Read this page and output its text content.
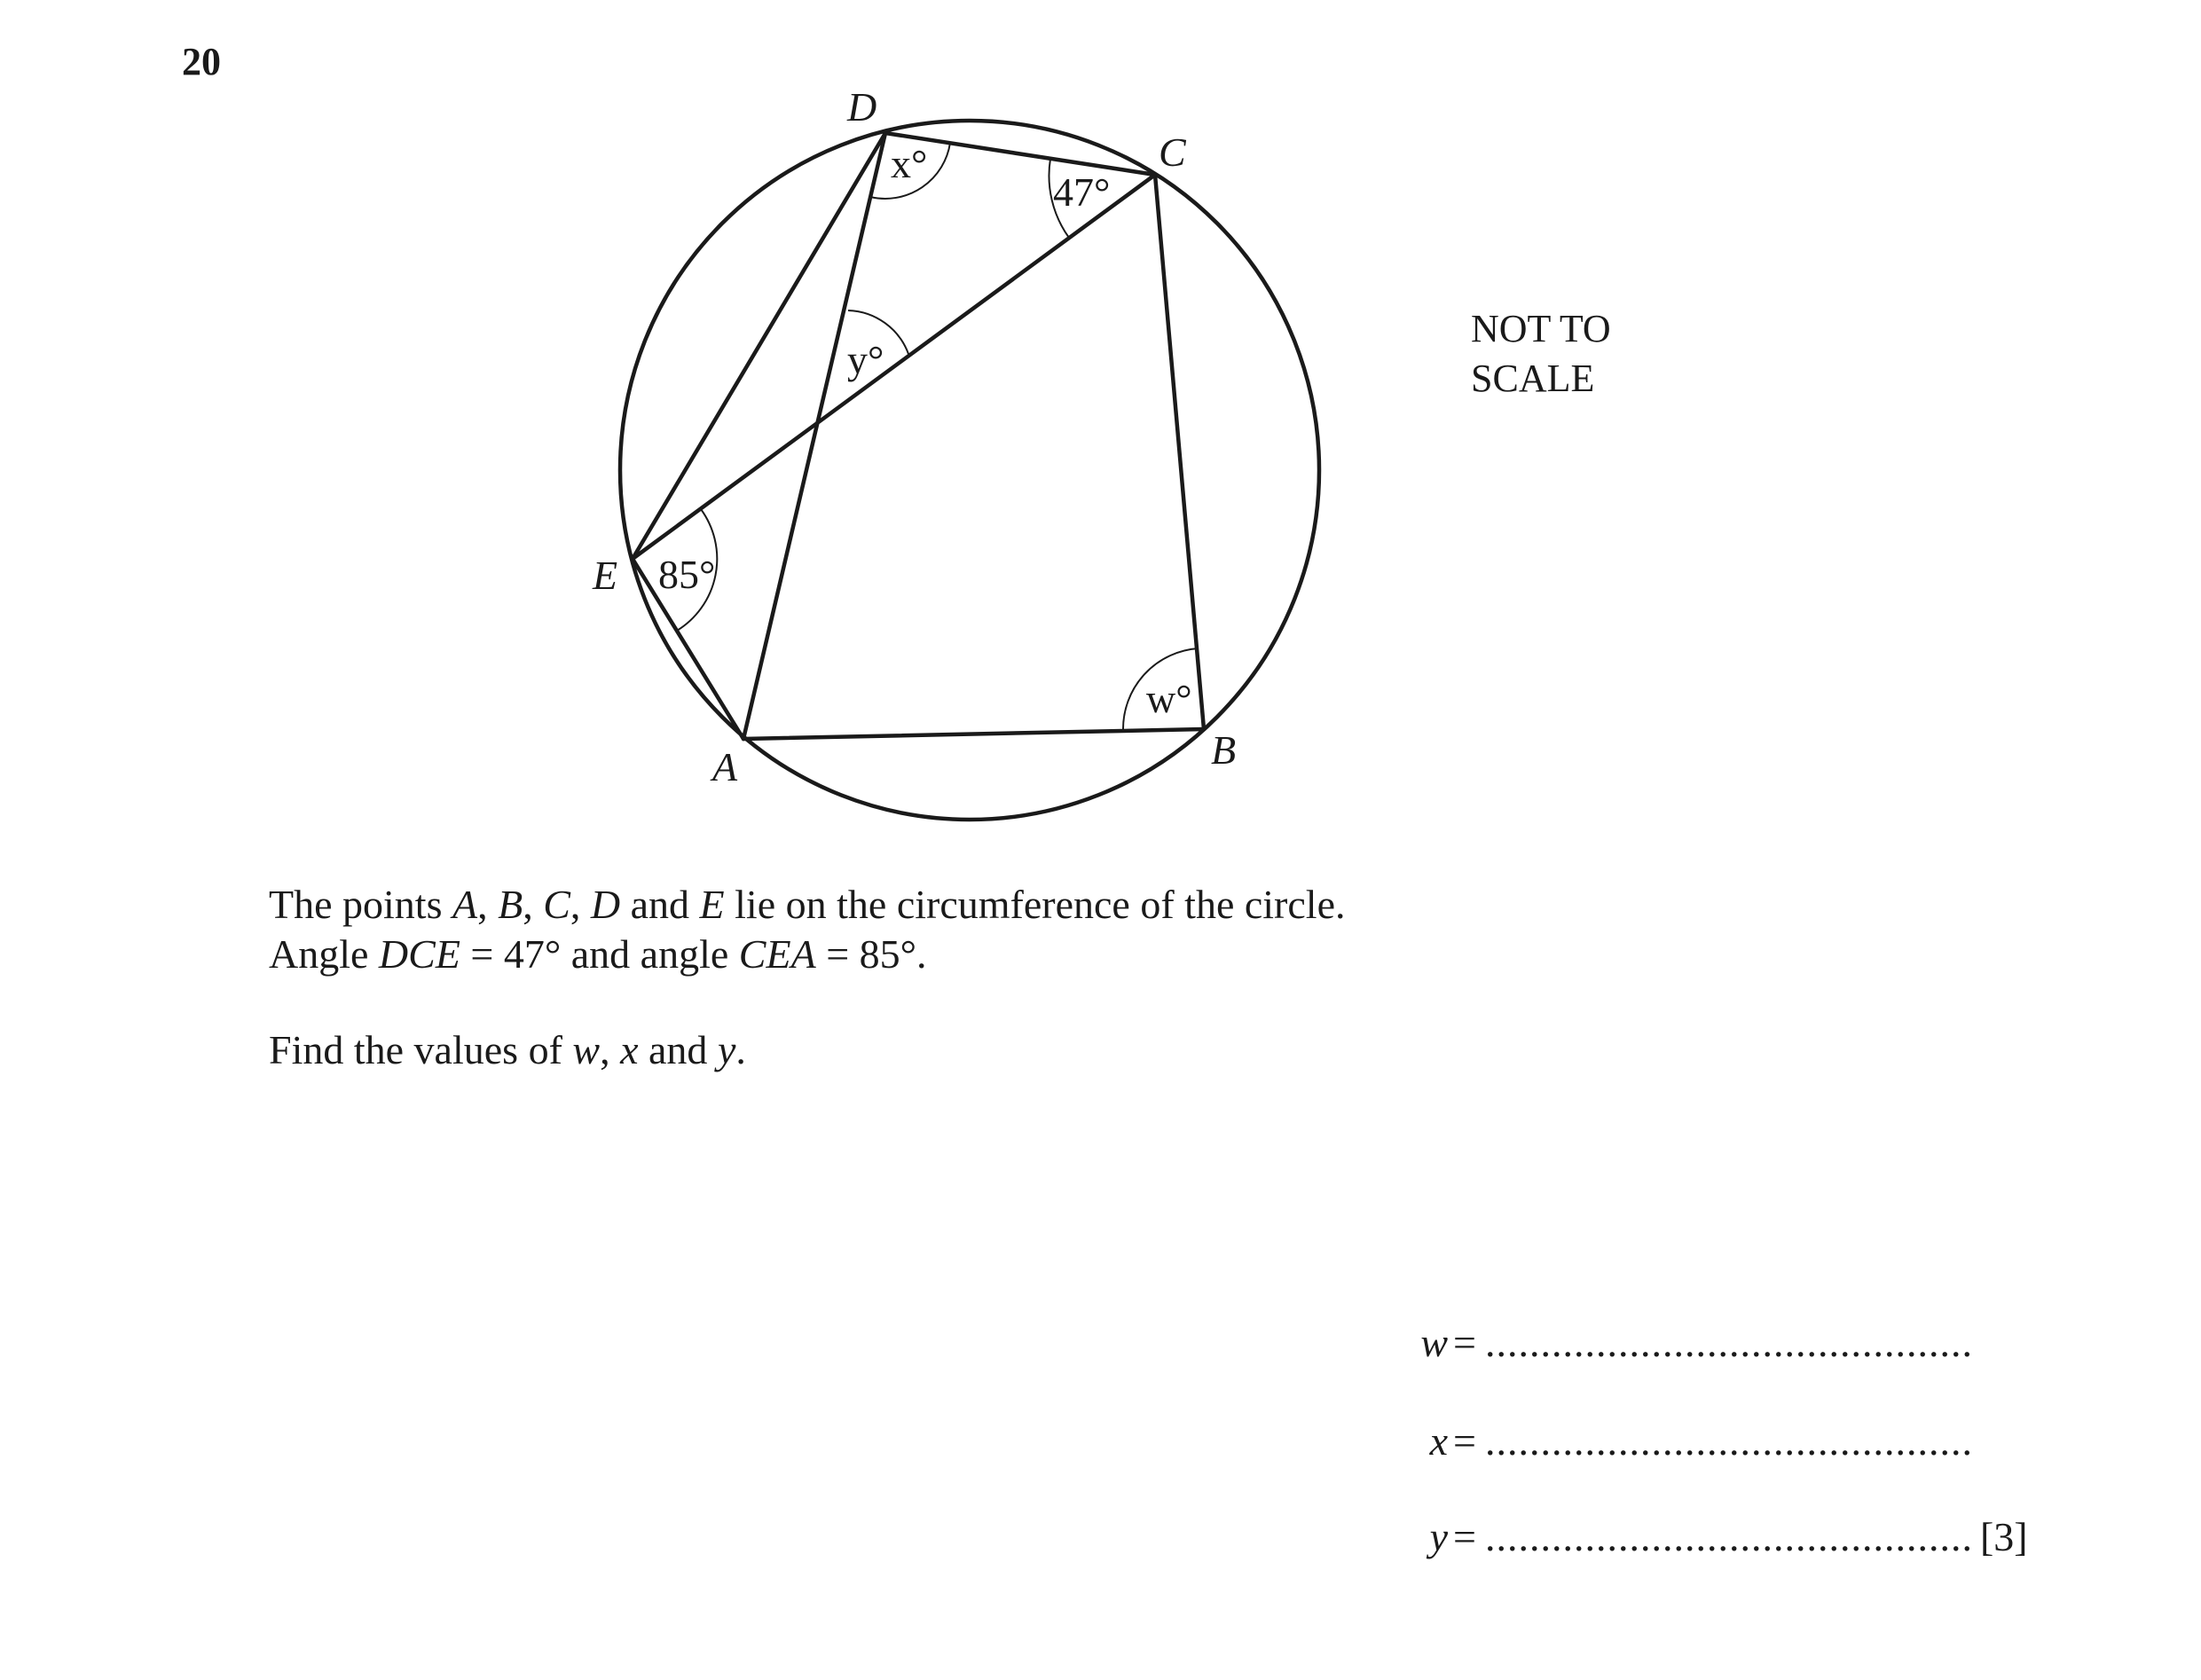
20
D
C
E
A	B
x°
47°
y°
85°
w°
NOT TO
SCALE

The points A, B, C, D and E lie on the circumference of the circle.
Angle DCE = 47° and angle CEA = 85°.

Find the values of w, x and y.

w = ............................................
x = ............................................
y = ............................................ [3]
